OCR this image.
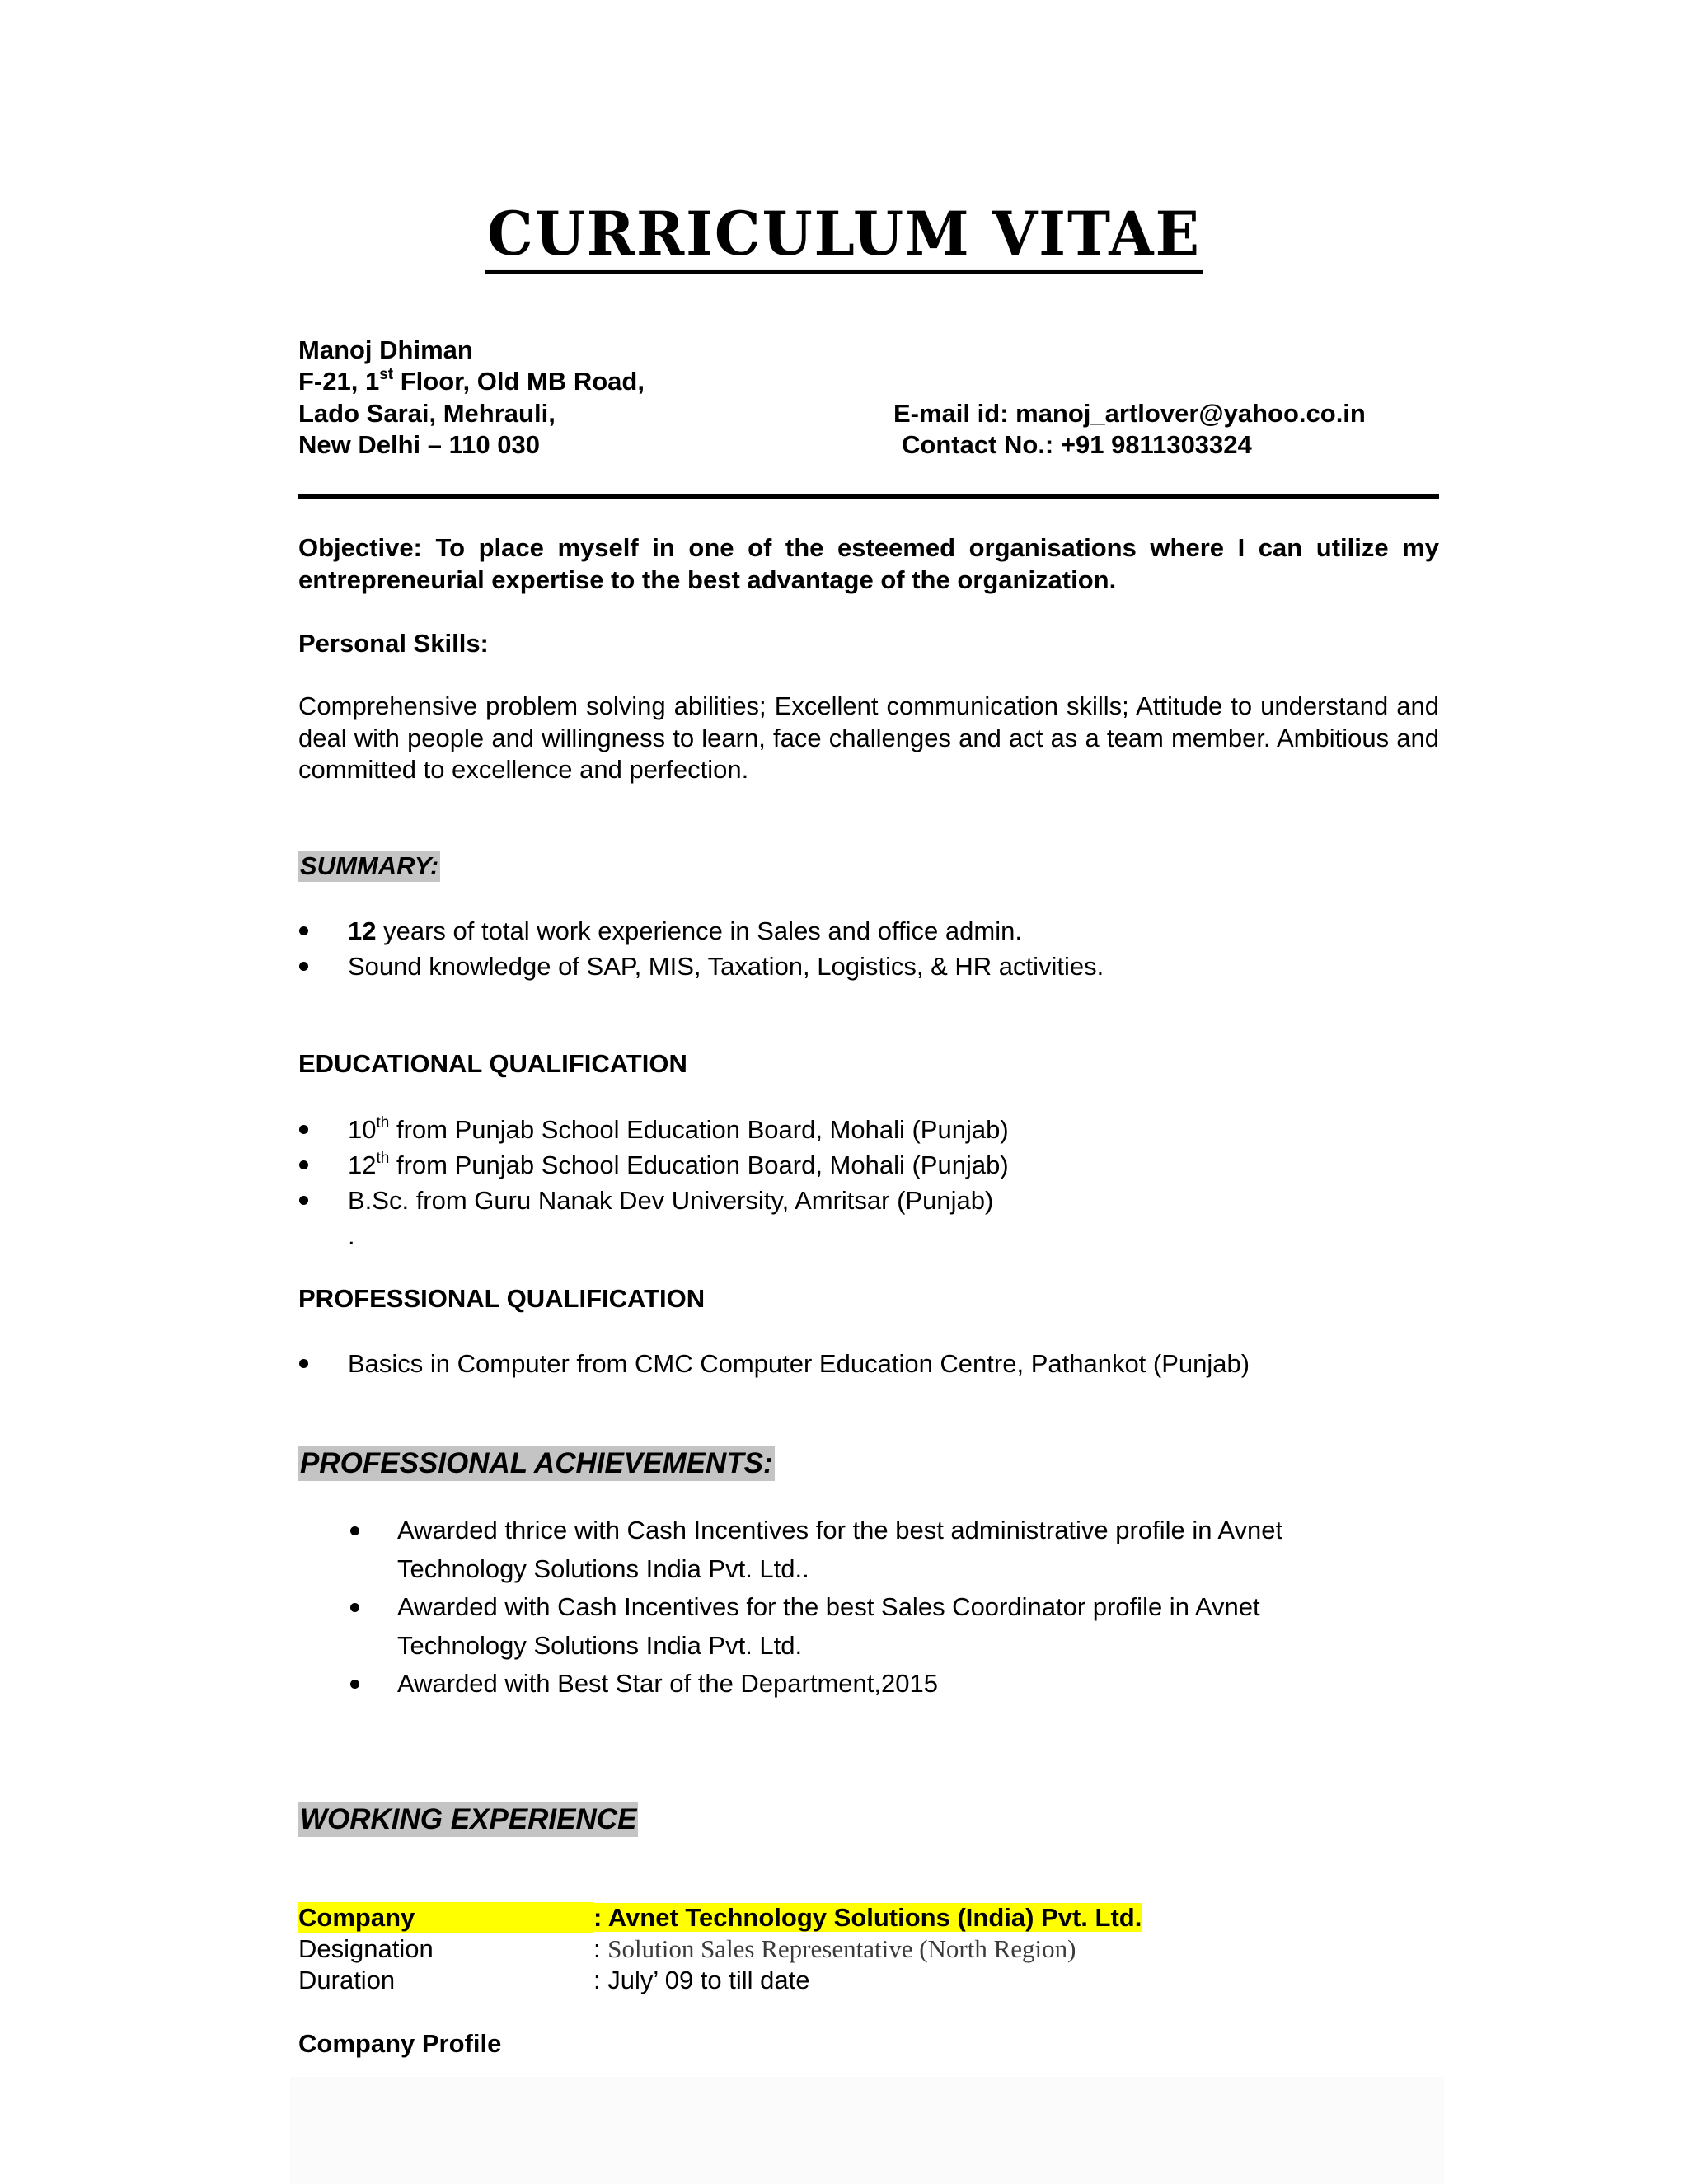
CURRICULUM VITAE
Manoj Dhiman
F-21, 1st Floor, Old MB Road,
Lado Sarai, Mehrauli,
New Delhi – 110 030
E-mail id: manoj_artlover@yahoo.co.in
Contact No.: +91 9811303324
Objective: To place myself in one of the esteemed organisations where I can utilize my entrepreneurial expertise to the best advantage of the organization.
Personal Skills:
Comprehensive problem solving abilities; Excellent communication skills; Attitude to understand and deal with people and willingness to learn, face challenges and act as a team member. Ambitious and committed to excellence and perfection.
SUMMARY:
12 years of total work experience in Sales and office admin.
Sound knowledge of SAP, MIS, Taxation, Logistics, & HR activities.
EDUCATIONAL QUALIFICATION
10th from Punjab School Education Board, Mohali (Punjab)
12th from Punjab School Education Board, Mohali (Punjab)
B.Sc. from Guru Nanak Dev University, Amritsar (Punjab)
.
PROFESSIONAL QUALIFICATION
Basics in Computer from CMC Computer Education Centre, Pathankot (Punjab)
PROFESSIONAL ACHIEVEMENTS:
Awarded thrice with Cash Incentives for the best administrative profile in Avnet
Technology Solutions India Pvt. Ltd..
Awarded with Cash Incentives for the best Sales Coordinator profile in Avnet
Technology Solutions India Pvt. Ltd.
Awarded with Best Star of the Department,2015
WORKING EXPERIENCE
Company	: Avnet Technology Solutions (India) Pvt. Ltd.
Designation	: Solution Sales Representative (North Region)
Duration	: July’ 09 to till date
Company Profile
